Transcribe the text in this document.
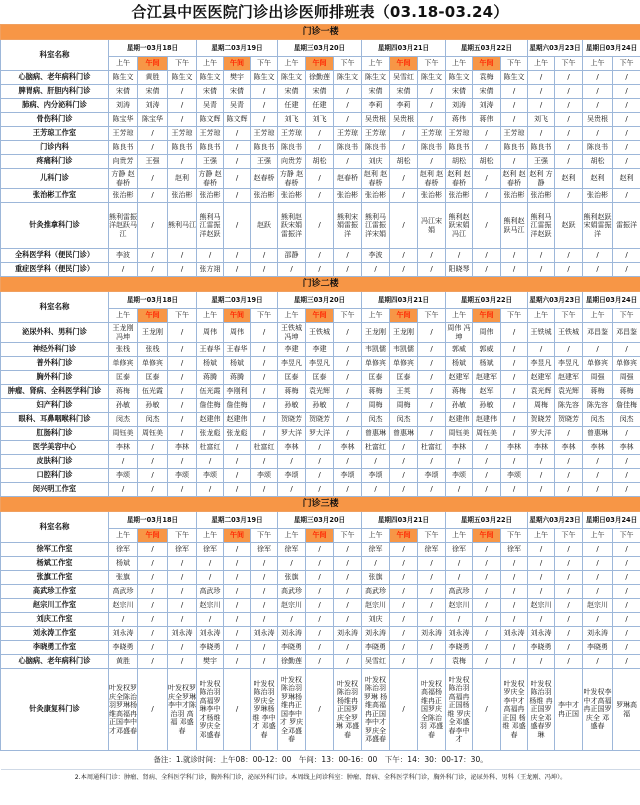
合江县中医医院门诊出诊医师排班表（03.18-03.24）
门诊一楼																			
科室名称	星期一03月18日			星期二03月19日			星期三03月20日			星期四03月21日			星期五03月22日			星期六03月23日		星期日03月24日	
	上午	午间	下午	上午	午间	下午	上午	午间	下午	上午	午间	下午	上午	午间	下午	上午	下午	上午	下午
心脑病、老年病科门诊	陈生文	黄胜	陈生文	陈生文	樊宇	陈生文	陈生文	徐勤莲	陈生文	陈生文	吴雪红	陈生文	陈生文	袁梅	陈生文	/	/	/	/
脾胃病、肝胆内科门诊	宋倩	宋倩	/	宋倩	宋倩	/	宋倩	宋倩	/	宋倩	宋倩	/	宋倩	宋倩	/	/	/	/	/
肺病、内分泌科门诊	刘涛	刘涛	/	吴青	吴青	/	任建	任建	/	李莉	李莉	/	刘涛	刘涛	/	/	/	/	/
骨伤科门诊	陈宝华	陈宝华	/	陈文辉	陈文辉	/	刘飞	刘飞	/	吴贵根	吴贵根	/	蒋伟	蒋伟	/	刘飞	/	吴贵根	/
王芳琼工作室	王芳琼	/	王芳琼	王芳琼	/	王芳琼	王芳琼	/	王芳琼	王芳琼	/	王芳琼	王芳琼	/	王芳琼	/	/	/	/
门诊内科	陈良书	/	陈良书	陈良书	/	陈良书	陈良书	/	陈良书	陈良书	/	陈良书	陈良书	/	陈良书	陈良书	/	陈良书	/
疼痛科门诊	向贵芳	王强	/	王强	/	王强	向贵芳	胡松	/	刘庆	胡松	/	胡松	胡松	/	王强	/	胡松	/
儿科门诊	方静 赵春桥	/	赵利	方静 赵春桥	/	赵春桥	方静 赵春桥	/	赵春桥	赵利 赵春桥	/	赵利 赵春桥	赵利 赵春桥	/	赵利 赵春桥	赵利 方静	赵利	赵利	赵利
张治彬工作室	张治彬	/	张治彬	张治彬	/	张治彬	张治彬	/	张治彬	张治彬	/	张治彬	张治彬	/	张治彬	张治彬	/	张治彬	/
针灸推拿科门诊	熊利雷振洋赵跃马江	/	熊利马江	熊利马江雷振洋赵跃	/	赵跃	熊利赵跃宋娟雷振洋	/	熊利宋娟雷振洋	熊利马江雷振洋宋娟	/	冯江宋娟	熊利赵跃宋娟冯江	/	熊利赵跃马江	熊利马江雷振洋赵跃	赵跃	熊利赵跃宋娟雷振洋	雷振洋
全科医学科（便民门诊）	李波	/	/	/	/	/	邵静	/	/	李波	/	/	/	/	/	/	/	/	/
重症医学科（便民门诊）	/	/	/	张方翊	/	/	/	/	/	/	/	/	阳晓琴	/	/	/	/	/	/
门诊二楼																			
科室名称	星期一03月18日			星期二03月19日			星期三03月20日			星期四03月21日			星期五03月22日			星期六03月23日		星期日03月24日	
	上午	午间	下午	上午	午间	下午	上午	午间	下午	上午	午间	下午	上午	午间	下午	上午	下午	上午	下午
泌尿外科、男科门诊	王龙刚 冯坤	王龙刚	/	周伟	周伟	/	王铁城 冯坤	王铁城	/	王龙刚	王龙刚	/	周伟 冯坤	周伟	/	王铁城	王铁城	邓昌鉴	邓昌鉴
神经外科门诊	张栈	张栈	/	王春华	王春华	/	李建	李建	/	韦凯儒	韦凯儒	/	郭威	郭威	/	/	/	/	/
普外科门诊	单修宾	单修宾	/	杨斌	杨斌	/	李昱凡	李昱凡	/	单修宾	单修宾	/	杨斌	杨斌	/	李昱凡	李昱凡	单修宾	单修宾
胸外科门诊	匡泰	匡泰	/	蒋腾	蒋腾	/	匡泰	匡泰	/	匡泰	匡泰	/	赵建军	赵建军	/	赵建军	赵建军	周强	周强
肿瘤、肾病、全科医学科门诊	蒋梅	伍光霞	/	伍光霞	李刚利	/	蒋梅	袁光辉	/	蒋梅	王英	/	蒋梅	赵军	/	袁光辉	袁光辉	蒋梅	蒋梅
妇产科门诊	孙敏	孙敏	/	詹佳梅	詹佳梅	/	孙敏	孙敏	/	周梅	周梅	/	孙敏	孙敏	/	周梅	陈先容	陈先容	詹佳梅
眼科、耳鼻咽喉科门诊	闵杰	闵杰	/	赵建伟	赵建伟	/	贺晓芳	贺晓芳	/	闵杰	闵杰	/	赵建伟	赵建伟	/	贺晓芳	贺晓芳	闵杰	闵杰
肛肠科门诊	周钰美	周钰美	/	张龙彪	张龙彪	/	罗大洋	罗大洋	/	曾惠琳	曾惠琳	/	周钰美	周钰美	/	罗大洋	/	曾惠琳	/
医学美容中心	李林	/	李林	杜富红	/	杜富红	李林	/	李林	杜富红	/	杜富红	李林	/	李林	李林	李林	李林	李林
皮肤科门诊	/	/	/	/	/	/	/	/	/	/	/	/	/	/	/	/	/	/	/
口腔科门诊	李颂	/	李颂	李颂	/	李颂	李颂	/	李颂	李颂	/	李颂	李颂	/	李颂	/	/	/	/
闵兴明工作室	/	/	/	/	/	/	/	/	/	/	/	/	/	/	/	/	/	/	/
门诊三楼																			
科室名称	星期一03月18日			星期二03月19日			星期三03月20日			星期四03月21日			星期五03月22日			星期六03月23日		星期日03月24日	
	上午	午间	下午	上午	午间	下午	上午	午间	下午	上午	午间	下午	上午	午间	下午	上午	下午	上午	下午
徐军工作室	徐军	/	徐军	徐军	/	徐军	徐军	/	/	徐军	/	徐军	徐军	/	徐军	/	/	/	/
杨斌工作室	杨斌	/	/	/	/	/	/	/	/	/	/	/	/	/	/	/	/	/	/
张旗工作室	张旗	/	/	/	/	/	张旗	/	/	张旗	/	/	/	/	/	/	/	/	/
高武珍工作室	高武珍	/	/	高武珍	/	/	高武珍	/	/	高武珍	/	/	高武珍	/	/	/	/	/	/
赵宗川工作室	赵宗川	/	/	赵宗川	/	/	赵宗川	/	/	赵宗川	/	/	赵宗川	/	/	赵宗川	/	赵宗川	/
刘庆工作室	/	/	/	/	/	/	/	/	/	刘庆	/	/	/	/	/	/	/	/	/
刘永涛工作室	刘永涛	/	刘永涛	刘永涛	/	刘永涛	刘永涛	/	刘永涛	刘永涛	/	刘永涛	刘永涛	/	刘永涛	刘永涛	/	刘永涛	/
李晓勇工作室	李晓勇	/	/	李晓勇	/	/	李晓勇	/	/	李晓勇	/	/	李晓勇	/	/	李晓勇	/	李晓勇	/
心脑病、老年病科门诊	黄胜	/	/	樊宇	/	/	徐勤莲	/	/	吴雪红	/	/	袁梅	/	/	/	/	/	/
针灸康复科门诊	叶发权罗庆全陈治羽罗琳杨维高福冉正国李中才邓盛春	/	叶发权罗庆全罗琳李中才陈治羽 高福 邓盛春	叶发权陈治羽高福罗琳李中才杨维罗庆全邓盛春	/	叶发权陈治羽罗庆全罗琳杨维 李中才 邓盛春	叶发权陈治羽罗琳杨维冉正国李中才 罗庆全邓盛春	/	叶发权陈治羽杨维冉正国罗庆全罗琳 邓盛春	叶发权陈治羽罗琳 杨维高福冉正国李中才罗庆全邓盛春	/	叶发权高福杨维冉正国罗庆全陈治羽 邓盛春	叶发权陈治羽高福冉正国杨维 罗庆全邓盛春李中才	/	叶发权罗庆全李中才高福冉正国 杨维 邓盛春	叶发权陈治羽杨维 冉正国罗庆全邓盛春罗琳	李中才冉正国	叶发权李中才高福冉正国罗庆全 邓盛春	罗琳高福
备注：1.就诊时间：上午08：00-12：00　午间：13：00-16：00　下午：14：30：00-17：30。																			
2.本周通科门诊：肿瘤、肾病、全科医学科门诊，胸外科门诊，泌尿外科门诊。本周线上问诊科室：肿瘤、肾病、全科医学科门诊，胸外科门诊，泌尿外科、男科（王龙刚、冯坤）。																			
